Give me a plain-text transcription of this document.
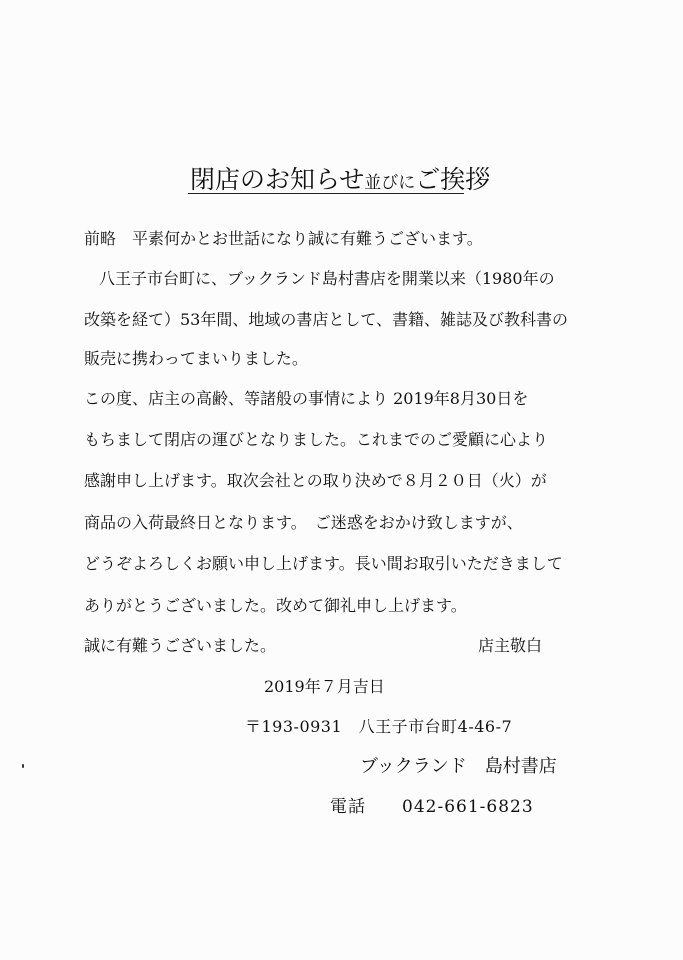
閉店のお知らせ並びにご挨拶
前略　平素何かとお世話になり誠に有難うございます。
八王子市台町に、ブックランド島村書店を開業以来（1980年の
改築を経て）53年間、地域の書店として、書籍、雑誌及び教科書の
販売に携わってまいりました。
この度、店主の高齢、等諸般の事情により 2019年8月30日を
もちまして閉店の運びとなりました。これまでのご愛顧に心より
感謝申し上げます。取次会社との取り決めで８月２０日（火）が
商品の入荷最終日となります。　ご迷惑をおかけ致しますが、
どうぞよろしくお願い申し上げます。長い間お取引いただきまして
ありがとうございました。改めて御礼申し上げます。
誠に有難うございました。	店主敬白
2019年７月吉日
〒193-0931　八王子市台町4-46-7
ブックランド　島村書店
電話　　042-661-6823
